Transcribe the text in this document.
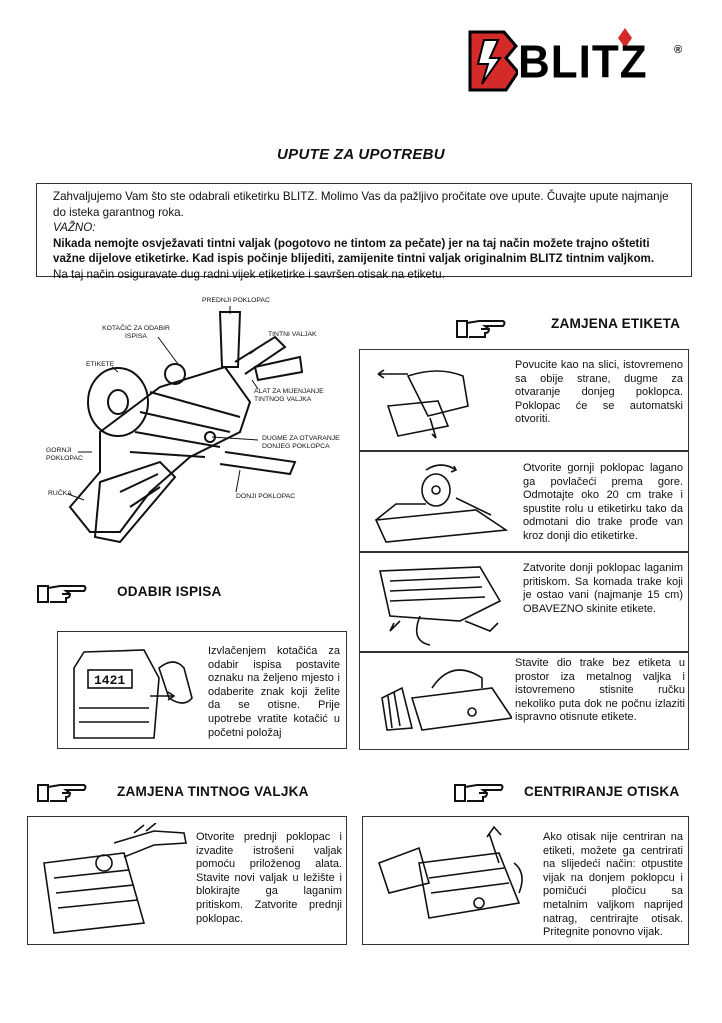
BLITZ ®
UPUTE ZA UPOTREBU
Zahvaljujemo Vam što ste odabrali etiketirku BLITZ. Molimo Vas da pažljivo pročitate ove upute. Čuvajte upute najmanje do isteka garantnog roka.
VAŽNO:
Nikada nemojte osvježavati tintni valjak (pogotovo ne tintom za pečate) jer na taj način možete trajno oštetiti važne dijelove etiketirke. Kad ispis počinje blijediti, zamijenite tintni valjak originalnim BLITZ tintnim valjkom.
Na taj način osiguravate dug radni vijek etiketirke i savršen otisak na etiketu.
PREDNJI POKLOPAC
KOTAČIĆ ZA ODABIR ISPISA	TINTNI VALJAK
ETIKETE
ALAT ZA MIJENJANJE TINTNOG VALJKA
GORNJI POKLOPAC
DUGME ZA OTVARANJE DONJEG POKLOPCA
RUČKA	DONJI POKLOPAC
ZAMJENA ETIKETA
Povucite kao na slici, istovremeno sa obije strane, dugme za otvaranje donjeg poklopca. Poklopac će se automatski otvoriti.
Otvorite gornji poklopac lagano ga povlačeći prema gore. Odmotajte oko 20 cm trake i spustite rolu u etiketirku tako da odmotani dio trake prođe van kroz donji dio etiketirke.
Zatvorite donji poklopac laganim pritiskom. Sa komada trake koji je ostao vani (najmanje 15 cm) OBAVEZNO skinite etikete.
Stavite dio trake bez etiketa u prostor iza metalnog valjka i istovremeno stisnite ručku nekoliko puta dok ne počnu izlaziti ispravno otisnute etikete.
ODABIR ISPISA
1421
Izvlačenjem kotačića za odabir ispisa postavite oznaku na željeno mjesto i odaberite znak koji želite da se otisne. Prije upotrebe vratite kotačić u početni položaj
ZAMJENA TINTNOG VALJKA
Otvorite prednji poklopac i izvadite istrošeni valjak pomoću priloženog alata. Stavite novi valjak u ležište i blokirajte ga laganim pritiskom. Zatvorite prednji poklopac.
CENTRIRANJE OTISKA
Ako otisak nije centriran na etiketi, možete ga centrirati na slijedeći način: otpustite vijak na donjem poklopcu i pomičući pločicu sa metalnim valjkom naprijed natrag, centrirajte otisak. Pritegnite ponovno vijak.
